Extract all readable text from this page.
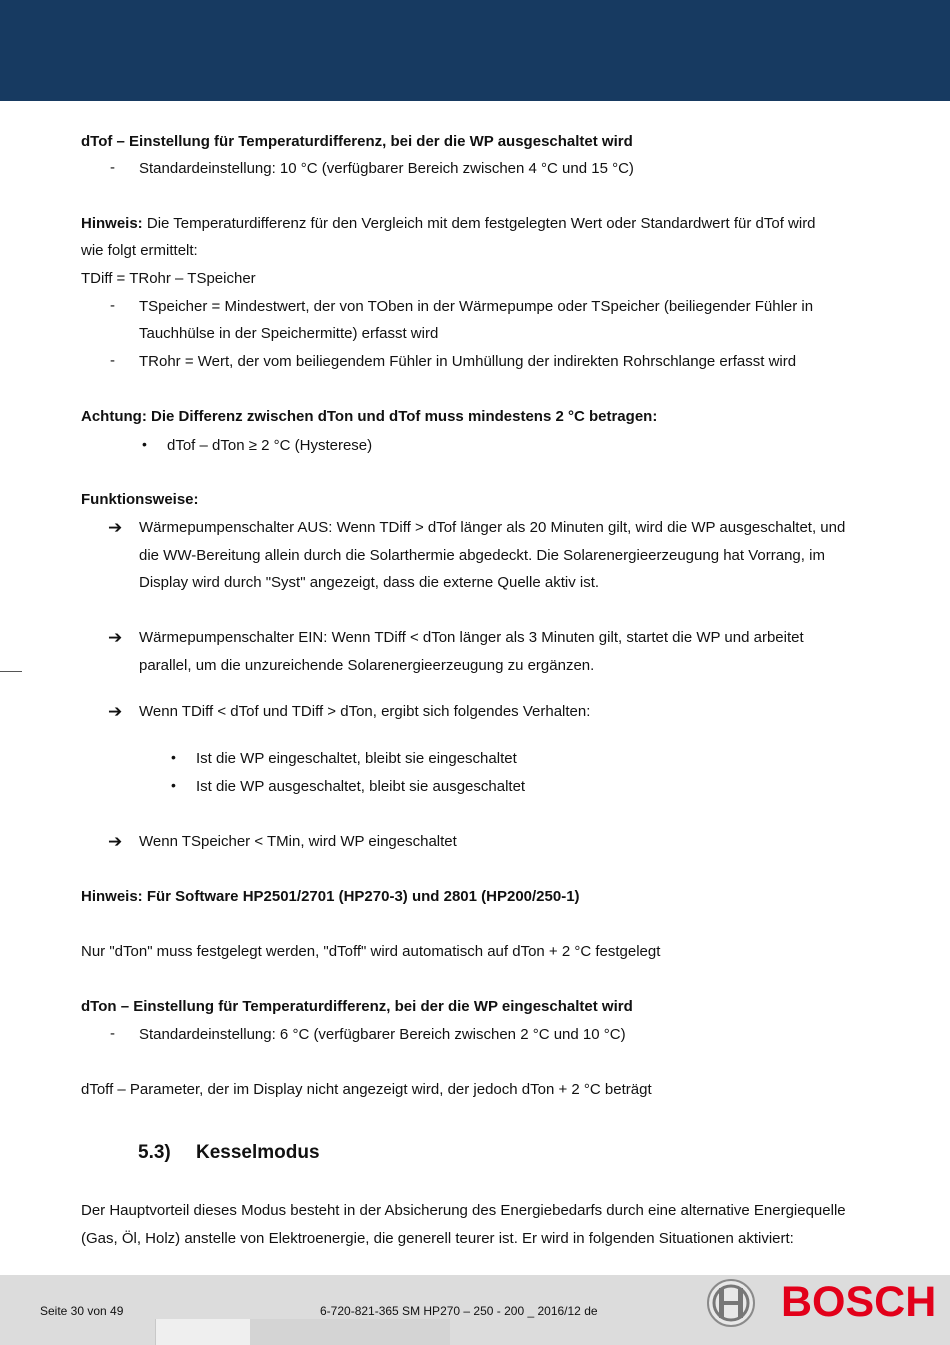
dTof – Einstellung für Temperaturdifferenz, bei der die WP ausgeschaltet wird
- Standardeinstellung: 10 °C (verfügbarer Bereich zwischen 4 °C und 15 °C)
Hinweis: Die Temperaturdifferenz für den Vergleich mit dem festgelegten Wert oder Standardwert für dTof wird
wie folgt ermittelt:
TDiff = TRohr – TSpeicher
- TSpeicher = Mindestwert, der von TOben in der Wärmepumpe oder TSpeicher (beiliegender Fühler in
Tauchhülse in der Speichermitte) erfasst wird
- TRohr = Wert, der vom beiliegendem Fühler in Umhüllung der indirekten Rohrschlange erfasst wird
Achtung: Die Differenz zwischen dTon und dTof muss mindestens 2 °C betragen:
• dTof – dTon ≥ 2 °C (Hysterese)
Funktionsweise:
➔ Wärmepumpenschalter AUS: Wenn TDiff > dTof länger als 20 Minuten gilt, wird die WP ausgeschaltet, und
die WW-Bereitung allein durch die Solarthermie abgedeckt. Die Solarenergieerzeugung hat Vorrang, im
Display wird durch "Syst" angezeigt, dass die externe Quelle aktiv ist.
➔ Wärmepumpenschalter EIN: Wenn TDiff < dTon länger als 3 Minuten gilt, startet die WP und arbeitet
parallel, um die unzureichende Solarenergieerzeugung zu ergänzen.
➔ Wenn TDiff < dTof und TDiff > dTon, ergibt sich folgendes Verhalten:
• Ist die WP eingeschaltet, bleibt sie eingeschaltet
• Ist die WP ausgeschaltet, bleibt sie ausgeschaltet
➔ Wenn TSpeicher < TMin, wird WP eingeschaltet
Hinweis: Für Software HP2501/2701 (HP270-3) und 2801 (HP200/250-1)
Nur "dTon" muss festgelegt werden, "dToff" wird automatisch auf dTon + 2 °C festgelegt
dTon – Einstellung für Temperaturdifferenz, bei der die WP eingeschaltet wird
- Standardeinstellung: 6 °C (verfügbarer Bereich zwischen 2 °C und 10 °C)
dToff – Parameter, der im Display nicht angezeigt wird, der jedoch dTon + 2 °C beträgt
5.3) Kesselmodus
Der Hauptvorteil dieses Modus besteht in der Absicherung des Energiebedarfs durch eine alternative Energiequelle
(Gas, Öl, Holz) anstelle von Elektroenergie, die generell teurer ist. Er wird in folgenden Situationen aktiviert:
Seite 30 von 49	6-720-821-365 SM HP270 – 250 - 200 _ 2016/12 de	BOSCH
